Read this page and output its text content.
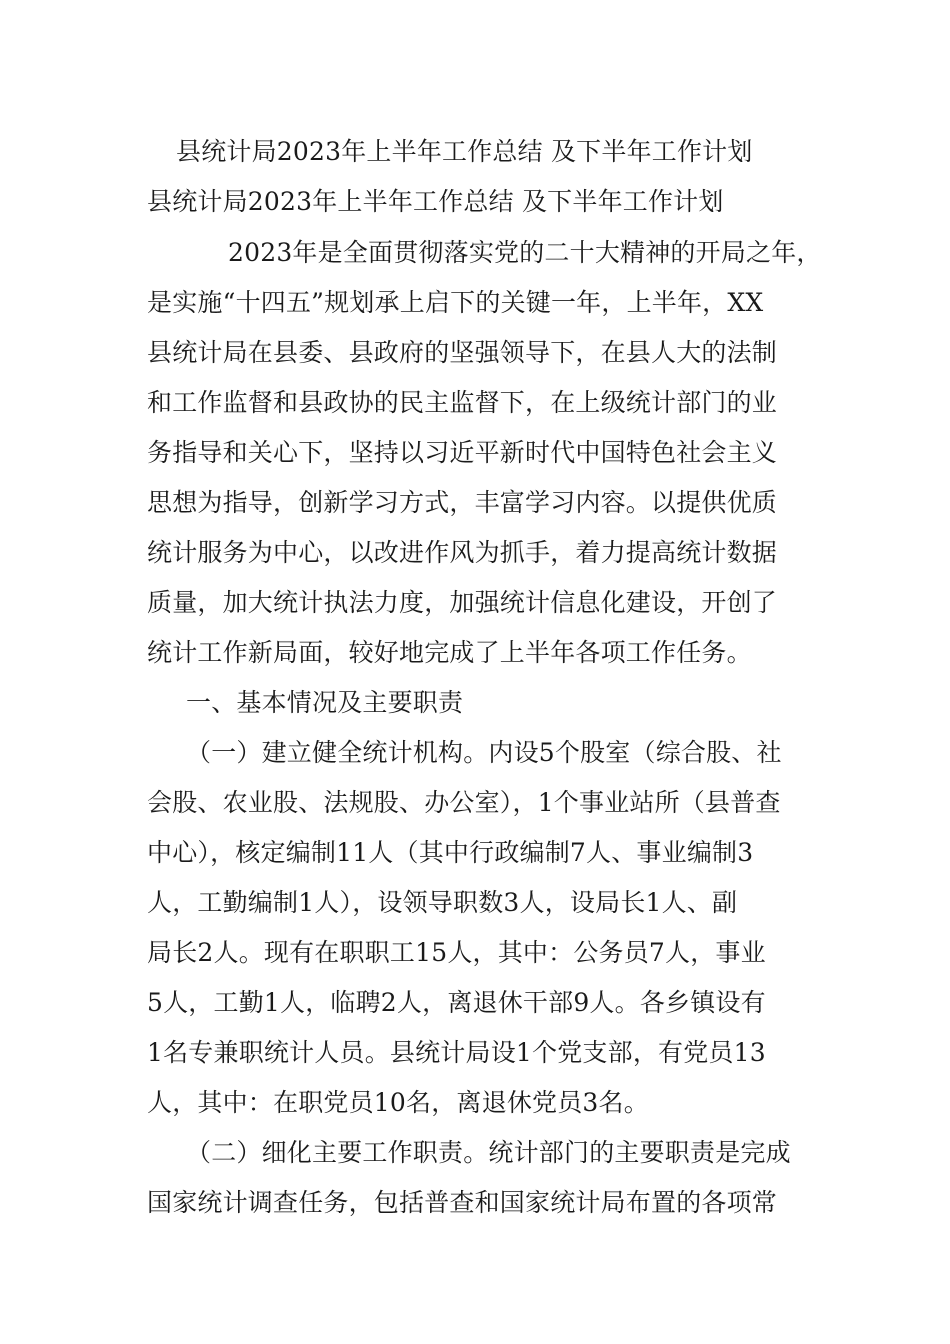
县统计局2023年上半年工作总结 及下半年工作计划
县统计局2023年上半年工作总结 及下半年工作计划
2023年是全面贯彻落实党的二十大精神的开局之年，
是实施“十四五”规划承上启下的关键一年，上半年，XX
县统计局在县委、县政府的坚强领导下，在县人大的法制
和工作监督和县政协的民主监督下，在上级统计部门的业
务指导和关心下，坚持以习近平新时代中国特色社会主义
思想为指导，创新学习方式，丰富学习内容。以提供优质
统计服务为中心，以改进作风为抓手，着力提高统计数据
质量，加大统计执法力度，加强统计信息化建设，开创了
统计工作新局面，较好地完成了上半年各项工作任务。
一、基本情况及主要职责
（一）建立健全统计机构。内设5个股室（综合股、社
会股、农业股、法规股、办公室），1个事业站所（县普查
中心），核定编制11人（其中行政编制7人、事业编制3
人，工勤编制1人），设领导职数3人，设局长1人、副
局长2人。现有在职职工15人，其中：公务员7人，事业
5人，工勤1人，临聘2人，离退休干部9人。各乡镇设有
1名专兼职统计人员。县统计局设1个党支部，有党员13
人，其中：在职党员10名，离退休党员3名。
（二）细化主要工作职责。统计部门的主要职责是完成
国家统计调查任务，包括普查和国家统计局布置的各项常
